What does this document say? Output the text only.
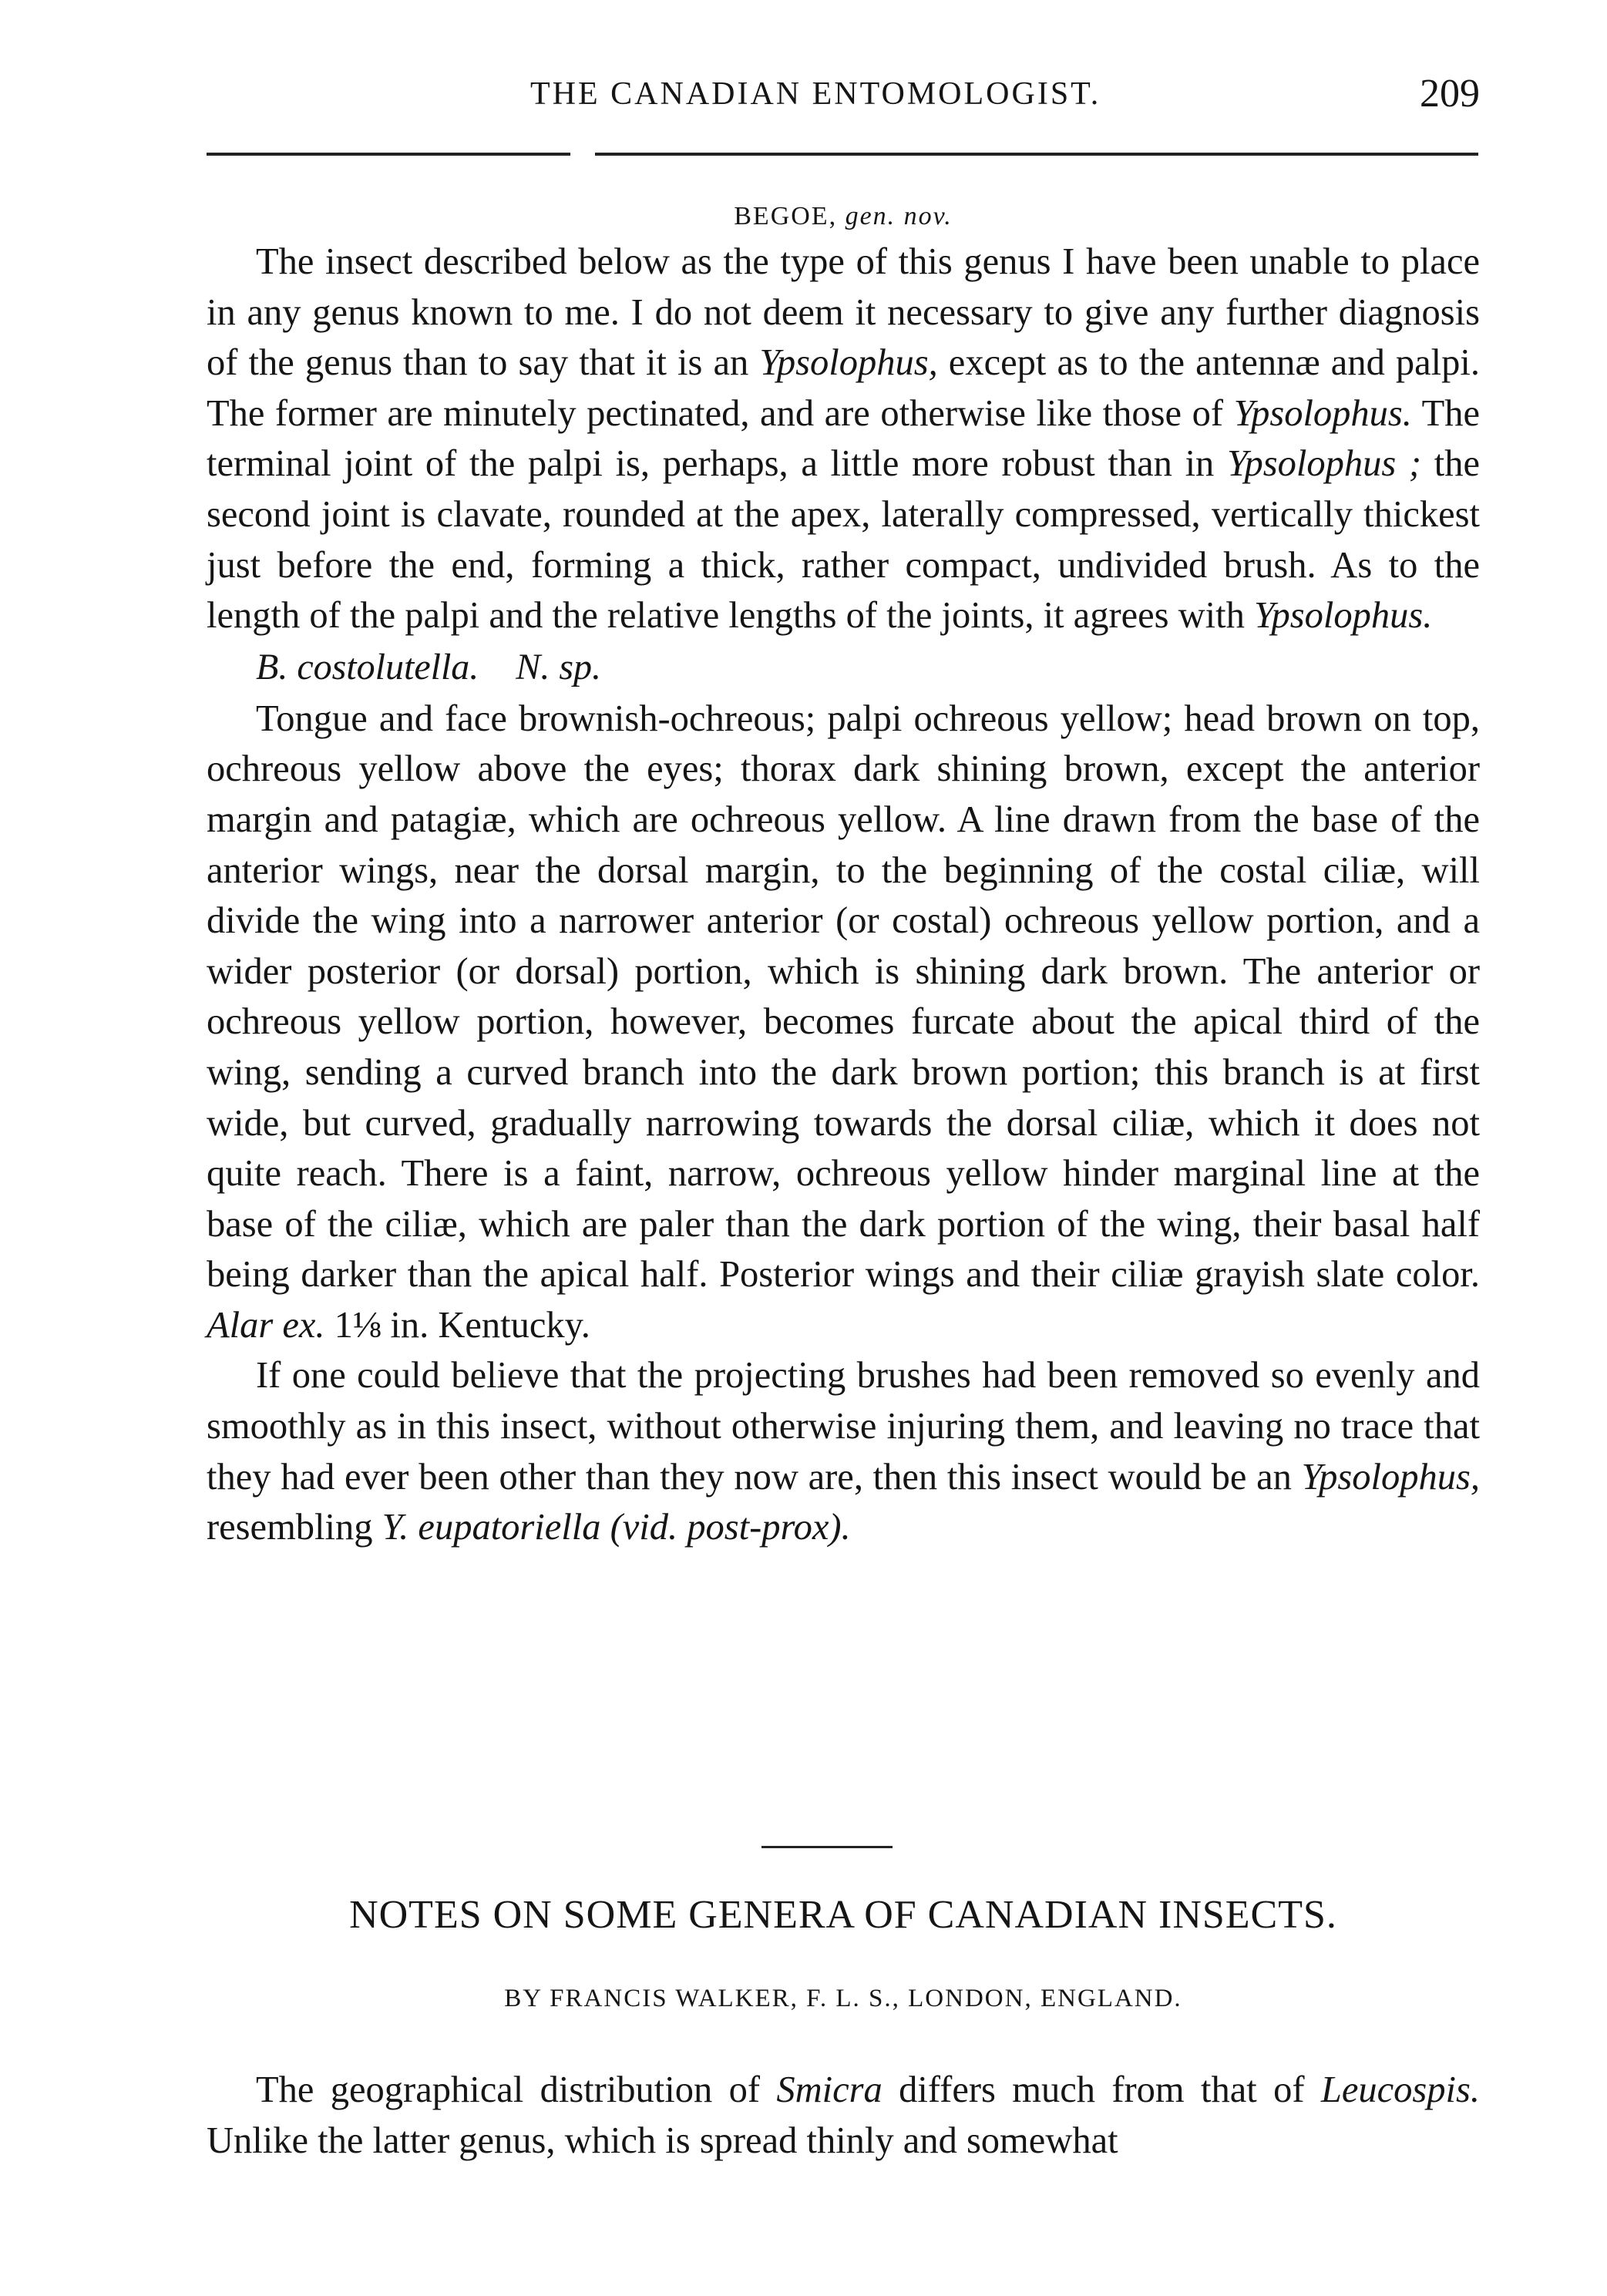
THE CANADIAN ENTOMOLOGIST.	209

BEGOE, gen. nov.

The insect described below as the type of this genus I have been unable to place in any genus known to me. I do not deem it necessary to give any further diagnosis of the genus than to say that it is an Ypsolophus, except as to the antennæ and palpi. The former are minutely pectinated, and are otherwise like those of Ypsolophus. The terminal joint of the palpi is, perhaps, a little more robust than in Ypsolophus ; the second joint is clavate, rounded at the apex, laterally compressed, vertically thickest just before the end, forming a thick, rather compact, undivided brush. As to the length of the palpi and the relative lengths of the joints, it agrees with Ypsolophus.

B. costolutella. N. sp.

Tongue and face brownish-ochreous; palpi ochreous yellow; head brown on top, ochreous yellow above the eyes; thorax dark shining brown, except the anterior margin and patagiæ, which are ochreous yellow. A line drawn from the base of the anterior wings, near the dorsal margin, to the beginning of the costal ciliæ, will divide the wing into a narrower anterior (or costal) ochreous yellow portion, and a wider posterior (or dorsal) portion, which is shining dark brown. The anterior or ochreous yellow portion, however, becomes furcate about the apical third of the wing, sending a curved branch into the dark brown portion; this branch is at first wide, but curved, gradually narrowing towards the dorsal ciliæ, which it does not quite reach. There is a faint, narrow, ochreous yellow hinder marginal line at the base of the ciliæ, which are paler than the dark portion of the wing, their basal half being darker than the apical half. Posterior wings and their ciliæ grayish slate color. Alar ex. 1⅛ in. Kentucky.

If one could believe that the projecting brushes had been removed so evenly and smoothly as in this insect, without otherwise injuring them, and leaving no trace that they had ever been other than they now are, then this insect would be an Ypsolophus, resembling Y. eupatoriella (vid. post-prox).

NOTES ON SOME GENERA OF CANADIAN INSECTS.

BY FRANCIS WALKER, F. L. S., LONDON, ENGLAND.

The geographical distribution of Smicra differs much from that of Leucospis. Unlike the latter genus, which is spread thinly and somewhat
